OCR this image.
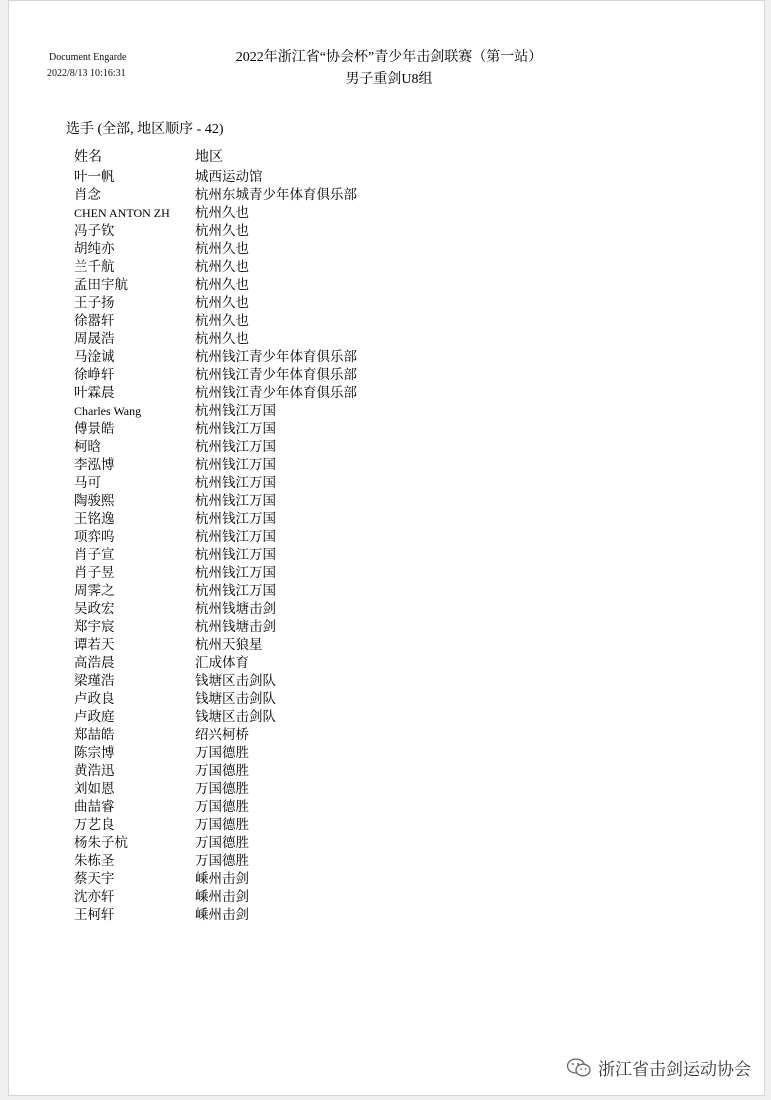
Document Engarde
2022/8/13 10:16:31
2022年浙江省“协会杯”青少年击剑联赛（第一站）
男子重剑U8组
选手 (全部, 地区顺序 - 42)
姓名	地区
叶一帆	城西运动馆
肖念	杭州东城青少年体育俱乐部
CHEN ANTON ZH	杭州久也
冯子钦	杭州久也
胡纯亦	杭州久也
兰千航	杭州久也
孟田宇航	杭州久也
王子扬	杭州久也
徐嚣轩	杭州久也
周晟浩	杭州久也
马淦诚	杭州钱江青少年体育俱乐部
徐峥轩	杭州钱江青少年体育俱乐部
叶霖晨	杭州钱江青少年体育俱乐部
Charles Wang	杭州钱江万国
傅景皓	杭州钱江万国
柯晗	杭州钱江万国
李泓博	杭州钱江万国
马可	杭州钱江万国
陶骏熙	杭州钱江万国
王铭逸	杭州钱江万国
项弈呜	杭州钱江万国
肖子宣	杭州钱江万国
肖子昱	杭州钱江万国
周霁之	杭州钱江万国
吴政宏	杭州钱塘击剑
郑宇宸	杭州钱塘击剑
谭若天	杭州天狼星
高浩晨	汇成体育
梁瑾浩	钱塘区击剑队
卢政良	钱塘区击剑队
卢政庭	钱塘区击剑队
郑喆皓	绍兴柯桥
陈宗博	万国德胜
黄浩迅	万国德胜
刘如恩	万国德胜
曲喆睿	万国德胜
万艺良	万国德胜
杨朱子杭	万国德胜
朱栋圣	万国德胜
蔡天宇	嵊州击剑
沈亦轩	嵊州击剑
王柯轩	嵊州击剑
浙江省击剑运动协会
